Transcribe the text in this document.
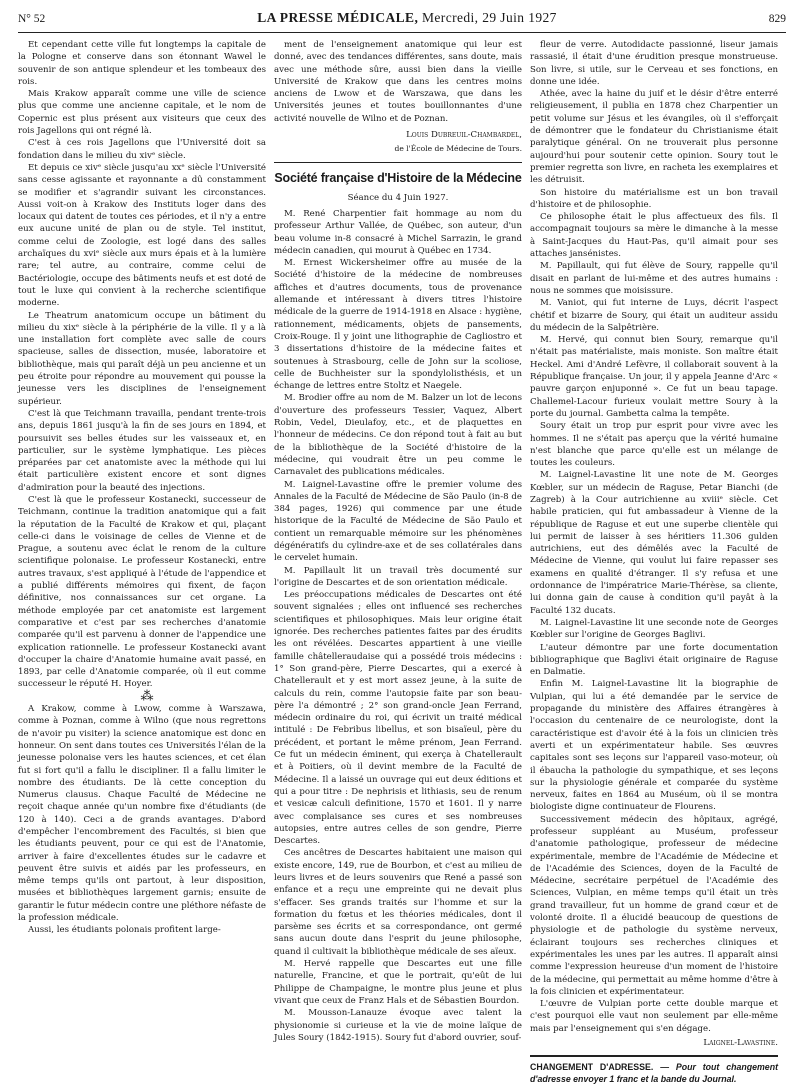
N° 52	LA PRESSE MÉDICALE, Mercredi, 29 Juin 1927	829

Et cependant cette ville fut longtemps la capitale de la Pologne et conserve dans son étonnant Wawel le souvenir de son antique splendeur et les tombeaux des rois.

Mais Krakow apparaît comme une ville de science plus que comme une ancienne capitale, et le nom de Copernic est plus présent aux visiteurs que ceux des rois Jagellons qui ont régné là.

C'est à ces rois Jagellons que l'Université doit sa fondation dans le milieu du xivᵉ siècle.

Et depuis ce xivᵉ siècle jusqu'au xxᵉ siècle l'Université sans cesse agissante et rayonnante a dû constamment se modifier et s'agrandir suivant les circonstances. Aussi voit-on à Krakow des Instituts loger dans des locaux qui datent de toutes ces périodes, et il n'y a entre eux aucune unité de plan ou de style. Tel institut, comme celui de Zoologie, est logé dans des salles archaïques du xviᵉ siècle aux murs épais et à la lumière rare; tel autre, au contraire, comme celui de Bactériologie, occupe des bâtiments neufs et est doté de tout le luxe qui convient à la recherche scientifique moderne.

Le Theatrum anatomicum occupe un bâtiment du milieu du xixᵉ siècle à la périphérie de la ville. Il y a là une installation fort complète avec salle de cours spacieuse, salles de dissection, musée, laboratoire et bibliothèque, mais qui paraît déjà un peu ancienne et un peu étroite pour répondre au mouvement qui pousse la jeunesse vers les disciplines de l'enseignement supérieur.

C'est là que Teichmann travailla, pendant trente-trois ans, depuis 1861 jusqu'à la fin de ses jours en 1894, et poursuivit ses belles études sur les vaisseaux et, en particulier, sur le système lymphatique. Les pièces préparées par cet anatomiste avec la méthode qui lui était particulière existent encore et sont dignes d'admiration pour la beauté des injections.

C'est là que le professeur Kostanecki, successeur de Teichmann, continue la tradition anatomique qui a fait la réputation de la Faculté de Krakow et qui, plaçant celle-ci dans le voisinage de celles de Vienne et de Prague, a soutenu avec éclat le renom de la culture scientifique polonaise. Le professeur Kostanecki, entre autres travaux, s'est appliqué à l'étude de l'appendice et a publié différents mémoires qui fixent, de façon définitive, nos connaissances sur cet organe. La méthode employée par cet anatomiste est largement comparative et c'est par ses recherches d'anatomie comparée qu'il est parvenu à donner de l'appendice une explication rationnelle. Le professeur Kostanecki avant d'occuper la chaire d'Anatomie humaine avait passé, en 1893, par celle d'Anatomie comparée, où il eut comme successeur le réputé H. Hoyer.

⁂

A Krakow, comme à Lwow, comme à Warszawa, comme à Poznan, comme à Wilno (que nous regrettons de n'avoir pu visiter) la science anatomique est donc en honneur. On sent dans toutes ces Universités l'élan de la jeunesse polonaise vers les hautes sciences, et cet élan fut si fort qu'il a fallu le discipliner. Il a fallu limiter le nombre des étudiants. De là cette conception du Numerus clausus. Chaque Faculté de Médecine ne reçoit chaque année qu'un nombre fixe d'étudiants (de 120 à 140). Ceci a de grands avantages. D'abord d'empêcher l'encombrement des Facultés, si bien que les étudiants peuvent, pour ce qui est de l'Anatomie, arriver à faire d'excellentes études sur le cadavre et peuvent être suivis et aidés par les professeurs, en même temps qu'ils ont partout, à leur disposition, musées et bibliothèques largement garnis; ensuite de garantir le futur médecin contre une pléthore néfaste de la profession médicale.

Aussi, les étudiants polonais profitent large-

ment de l'enseignement anatomique qui leur est donné, avec des tendances différentes, sans doute, mais avec une méthode sûre, aussi bien dans la vieille Université de Krakow que dans les centres moins anciens de Lwow et de Warszawa, que dans les Universités jeunes et toutes bouillonnantes d'une activité nouvelle de Wilno et de Poznan.

Louis Dubreuil-Chambardel,

de l'École de Médecine de Tours.

Société française d'Histoire de la Médecine

Séance du 4 Juin 1927.

M. René Charpentier fait hommage au nom du professeur Arthur Vallée, de Québec, son auteur, d'un beau volume in-8 consacré à Michel Sarrazin, le grand médecin canadien, qui mourut à Québec en 1734.

M. Ernest Wickersheimer offre au musée de la Société d'histoire de la médecine de nombreuses affiches et d'autres documents, tous de provenance allemande et intéressant à divers titres l'histoire médicale de la guerre de 1914-1918 en Alsace : hygiène, rationnement, médicaments, objets de pansements, Croix-Rouge. Il y joint une lithographie de Cagliostro et 3 dissertations d'histoire de la médecine faites et soutenues à Strasbourg, celle de John sur la scoliose, celle de Buchheister sur la spondylolisthésis, et un échange de lettres entre Stoltz et Naegele.

M. Brodier offre au nom de M. Balzer un lot de lecons d'ouverture des professeurs Tessier, Vaquez, Albert Robin, Vedel, Dieulafoy, etc., et de plaquettes en l'honneur de médecins. Ce don répond tout à fait au but de la bibliothèque de la Société d'histoire de la médecine, qui voudrait être un peu comme le Carnavalet des publications médicales.

M. Laignel-Lavastine offre le premier volume des Annales de la Faculté de Médecine de São Paulo (in-8 de 384 pages, 1926) qui commence par une étude historique de la Faculté de Médecine de São Paulo et contient un remarquable mémoire sur les phénomènes dégénératifs du cylindre-axe et de ses collatérales dans le cervelet humain.

M. Papillault lit un travail très documenté sur l'origine de Descartes et de son orientation médicale.

Les préoccupations médicales de Descartes ont été souvent signalées ; elles ont influencé ses recherches scientifiques et philosophiques. Mais leur origine était ignorée. Des recherches patientes faites par des érudits les ont révélées. Descartes appartient à une vieille famille châtelleraudaise qui a possédé trois médecins : 1° Son grand-père, Pierre Descartes, qui a exercé à Chatellerault et y est mort assez jeune, à la suite de calculs du rein, comme l'autopsie faite par son beau-père l'a démontré ; 2° son grand-oncle Jean Ferrand, médecin ordinaire du roi, qui écrivit un traité médical intitulé : De Febribus libellus, et son bisaïeul, père du précédent, et portant le même prénom, Jean Ferrand. Ce fut un médecin éminent, qui exerça à Chatellerault et à Poitiers, où il devint membre de la Faculté de Médecine. Il a laissé un ouvrage qui eut deux éditions et qui a pour titre : De nephrisis et lithiasis, seu de renum et vesicæ calculi definitione, 1570 et 1601. Il y narre avec complaisance ses cures et ses nombreuses autopsies, entre autres celles de son gendre, Pierre Descartes.

Ces ancêtres de Descartes habitaient une maison qui existe encore, 149, rue de Bourbon, et c'est au milieu de leurs livres et de leurs souvenirs que René a passé son enfance et a reçu une empreinte qui ne devait plus s'effacer. Ses grands traités sur l'homme et sur la formation du fœtus et les théories médicales, dont il parsème ses écrits et sa correspondance, ont germé sans aucun doute dans l'esprit du jeune philosophe, quand il cultivait la bibliothèque médicale de ses aïeux.

M. Hervé rappelle que Descartes eut une fille naturelle, Francine, et que le portrait, qu'eût de lui Philippe de Champaigne, le montre plus jeune et plus vivant que ceux de Franz Hals et de Sébastien Bourdon.

M. Mousson-Lanauze évoque avec talent la physionomie si curieuse et la vie de moine laïque de Jules Soury (1842-1915). Soury fut d'abord ouvrier, souf-

fleur de verre. Autodidacte passionné, liseur jamais rassasié, il était d'une érudition presque monstrueuse. Son livre, si utile, sur le Cerveau et ses fonctions, en donne une idée.

Athée, avec la haine du juif et le désir d'être enterré religieusement, il publia en 1878 chez Charpentier un petit volume sur Jésus et les évangiles, où il s'efforçait de démontrer que le fondateur du Christianisme était paralytique général. On ne trouverait plus personne aujourd'hui pour soutenir cette opinion. Soury tout le premier regretta son livre, en racheta les exemplaires et les détruisit.

Son histoire du matérialisme est un bon travail d'histoire et de philosophie.

Ce philosophe était le plus affectueux des fils. Il accompagnait toujours sa mère le dimanche à la messe à Saint-Jacques du Haut-Pas, qu'il aimait pour ses attaches jansénistes.

M. Papillault, qui fut élève de Soury, rappelle qu'il disait en parlant de lui-même et des autres humains : nous ne sommes que moisissure.

M. Vaniot, qui fut interne de Luys, décrit l'aspect chétif et bizarre de Soury, qui était un auditeur assidu du médecin de la Salpêtrière.

M. Hervé, qui connut bien Soury, remarque qu'il n'était pas matérialiste, mais moniste. Son maître était Heckel. Ami d'André Lefèvre, il collaborait souvent à la République française. Un jour, il y appela Jeanne d'Arc « pauvre garçon enjuponné ». Ce fut un beau tapage. Challemel-Lacour furieux voulait mettre Soury à la porte du journal. Gambetta calma la tempête.

Soury était un trop pur esprit pour vivre avec les hommes. Il ne s'était pas aperçu que la vérité humaine n'est blanche que parce qu'elle est un mélange de toutes les couleurs.

M. Laignel-Lavastine lit une note de M. Georges Kœbler, sur un médecin de Raguse, Petar Bianchi (de Zagreb) à la Cour autrichienne au xviiiᵉ siècle. Cet habile praticien, qui fut ambassadeur à Vienne de la république de Raguse et eut une superbe clientèle qui lui permit de laisser à ses héritiers 11.306 gulden autrichiens, eut des démêlés avec la Faculté de Médecine de Vienne, qui voulut lui faire repasser ses examens en qualité d'étranger. Il s'y refusa et une ordonnance de l'impératrice Marie-Thérèse, sa cliente, lui donna gain de cause à condition qu'il payât à la Faculté 132 ducats.

M. Laignel-Lavastine lit une seconde note de Georges Kœbler sur l'origine de Georges Baglivi.

L'auteur démontre par une forte documentation bibliographique que Baglivi était originaire de Raguse en Dalmatie.

Enfin M. Laignel-Lavastine lit la biographie de Vulpian, qui lui a été demandée par le service de propagande du ministère des Affaires étrangères à l'occasion du centenaire de ce neurologiste, dont la caractéristique est d'avoir été à la fois un clinicien très averti et un expérimentateur habile. Ses œuvres capitales sont ses leçons sur l'appareil vaso-moteur, où il ébaucha la pathologie du sympathique, et ses leçons sur la physiologie générale et comparée du système nerveux, faites en 1864 au Muséum, où il se montra biologiste digne continuateur de Flourens.

Successivement médecin des hôpitaux, agrégé, professeur suppléant au Muséum, professeur d'anatomie pathologique, professeur de médecine expérimentale, membre de l'Académie de Médecine et de l'Académie des Sciences, doyen de la Faculté de Médecine, secrétaire perpétuel de l'Académie des Sciences, Vulpian, en même temps qu'il était un très grand travailleur, fut un homme de grand cœur et de volonté droite. Il a élucidé beaucoup de questions de physiologie et de pathologie du système nerveux, éclairant toujours ses recherches cliniques et expérimentales les unes par les autres. Il apparaît ainsi comme l'expression heureuse d'un moment de l'histoire de la médecine, qui permettait au même homme d'être à la fois clinicien et expérimentateur.

L'œuvre de Vulpian porte cette double marque et c'est pourquoi elle vaut non seulement par elle-même mais par l'enseignement qui s'en dégage.

Laignel-Lavastine.

CHANGEMENT D'ADRESSE. — Pour tout changement d'adresse envoyer 1 franc et la bande du Journal.
